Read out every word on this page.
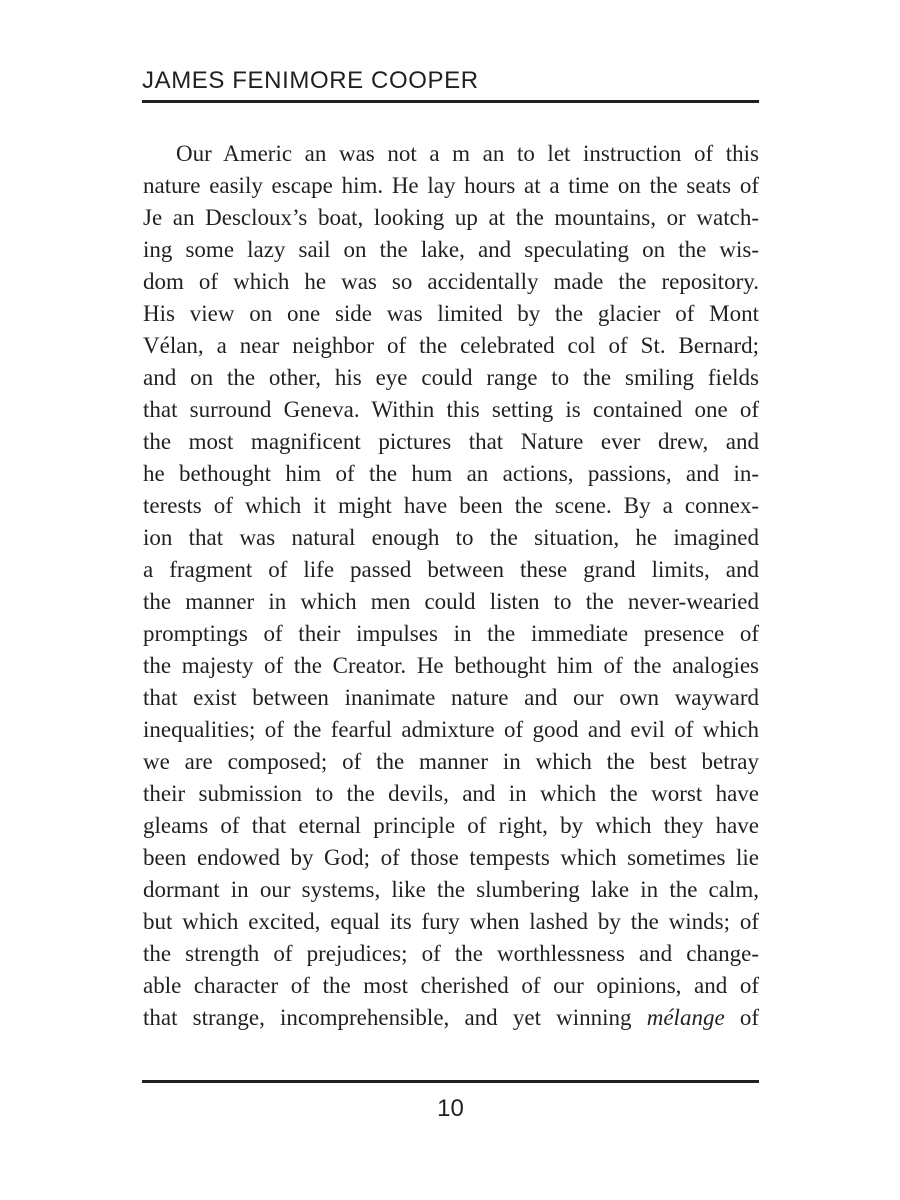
JAMES FENIMORE COOPER
Our Americ an was not a m an to let instruction of this
nature easily escape him. He lay hours at a time on the seats of
Je an Descloux’s boat, looking up at the mountains, or watch-
ing some lazy sail on the lake, and speculating on the wis-
dom of which he was so accidentally made the repository.
His view on one side was limited by the glacier of Mont
Vélan, a near neighbor of the celebrated col of St. Bernard;
and on the other, his eye could range to the smiling fields
that surround Geneva. Within this setting is contained one of
the most magnificent pictures that Nature ever drew, and
he bethought him of the hum an actions, passions, and in-
terests of which it might have been the scene. By a connex-
ion that was natural enough to the situation, he imagined
a fragment of life passed between these grand limits, and
the manner in which men could listen to the never-wearied
promptings of their impulses in the immediate presence of
the majesty of the Creator. He bethought him of the analogies
that exist between inanimate nature and our own wayward
inequalities; of the fearful admixture of good and evil of which
we are composed; of the manner in which the best betray
their submission to the devils, and in which the worst have
gleams of that eternal principle of right, by which they have
been endowed by God; of those tempests which sometimes lie
dormant in our systems, like the slumbering lake in the calm,
but which excited, equal its fury when lashed by the winds; of
the strength of prejudices; of the worthlessness and change-
able character of the most cherished of our opinions, and of
that strange, incomprehensible, and yet winning mélange of
10
